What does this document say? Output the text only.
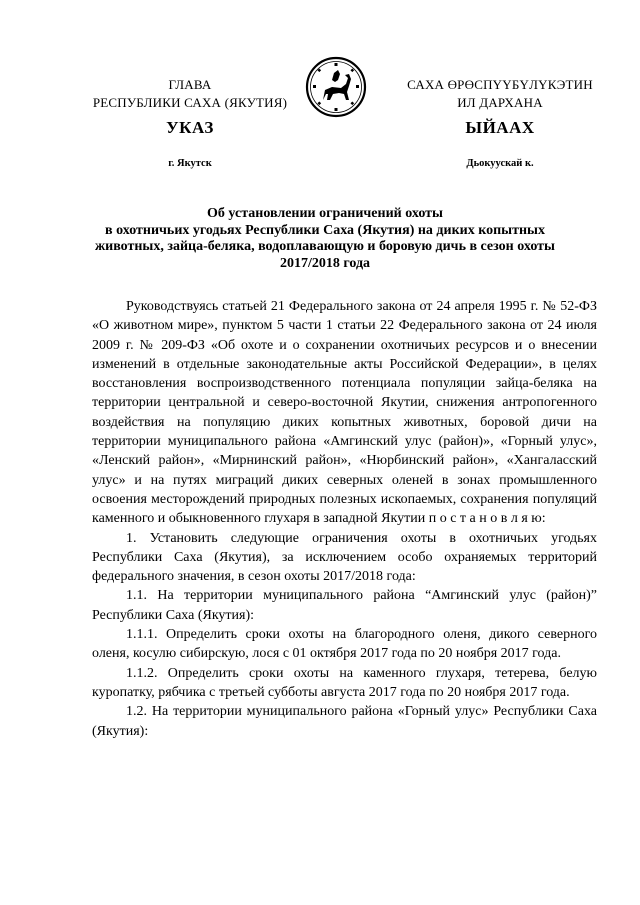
ГЛАВА
РЕСПУБЛИКИ САХА (ЯКУТИЯ)
САХА ӨРӨСПҮҮБҮЛҮКЭТИН
ИЛ ДАРХАНА
УКАЗ	ЫЙААХ
г. Якутск	Дьокуускай к.
Об установлении ограничений охоты
в охотничьих угодьях Республики Саха (Якутия) на диких копытных
животных, зайца-беляка, водоплавающую и боровую дичь в сезон охоты
2017/2018 года

Руководствуясь статьей 21 Федерального закона от 24 апреля 1995 г. № 52-ФЗ «О животном мире», пунктом 5 части 1 статьи 22 Федерального закона от 24 июля 2009 г. № 209-ФЗ «Об охоте и о сохранении охотничьих ресурсов и о внесении изменений в отдельные законодательные акты Российской Федерации», в целях восстановления воспроизводственного потенциала популяции зайца-беляка на территории центральной и северо-восточной Якутии, снижения антропогенного воздействия на популяцию диких копытных животных, боровой дичи на территории муниципального района «Амгинский улус (район)», «Горный улус», «Ленский район», «Мирнинский район», «Нюрбинский район», «Хангаласский улус» и на путях миграций диких северных оленей в зонах промышленного освоения месторождений природных полезных ископаемых, сохранения популяций каменного и обыкновенного глухаря в западной Якутии п о с т а н о в л я ю:

1. Установить следующие ограничения охоты в охотничьих угодьях Республики Саха (Якутия), за исключением особо охраняемых территорий федерального значения, в сезон охоты 2017/2018 года:

1.1. На территории муниципального района “Амгинский улус (район)” Республики Саха (Якутия):

1.1.1. Определить сроки охоты на благородного оленя, дикого северного оленя, косулю сибирскую, лося с 01 октября 2017 года по 20 ноября 2017 года.

1.1.2. Определить сроки охоты на каменного глухаря, тетерева, белую куропатку, рябчика с третьей субботы августа 2017 года по 20 ноября 2017 года.

1.2. На территории муниципального района «Горный улус» Республики Саха (Якутия):
